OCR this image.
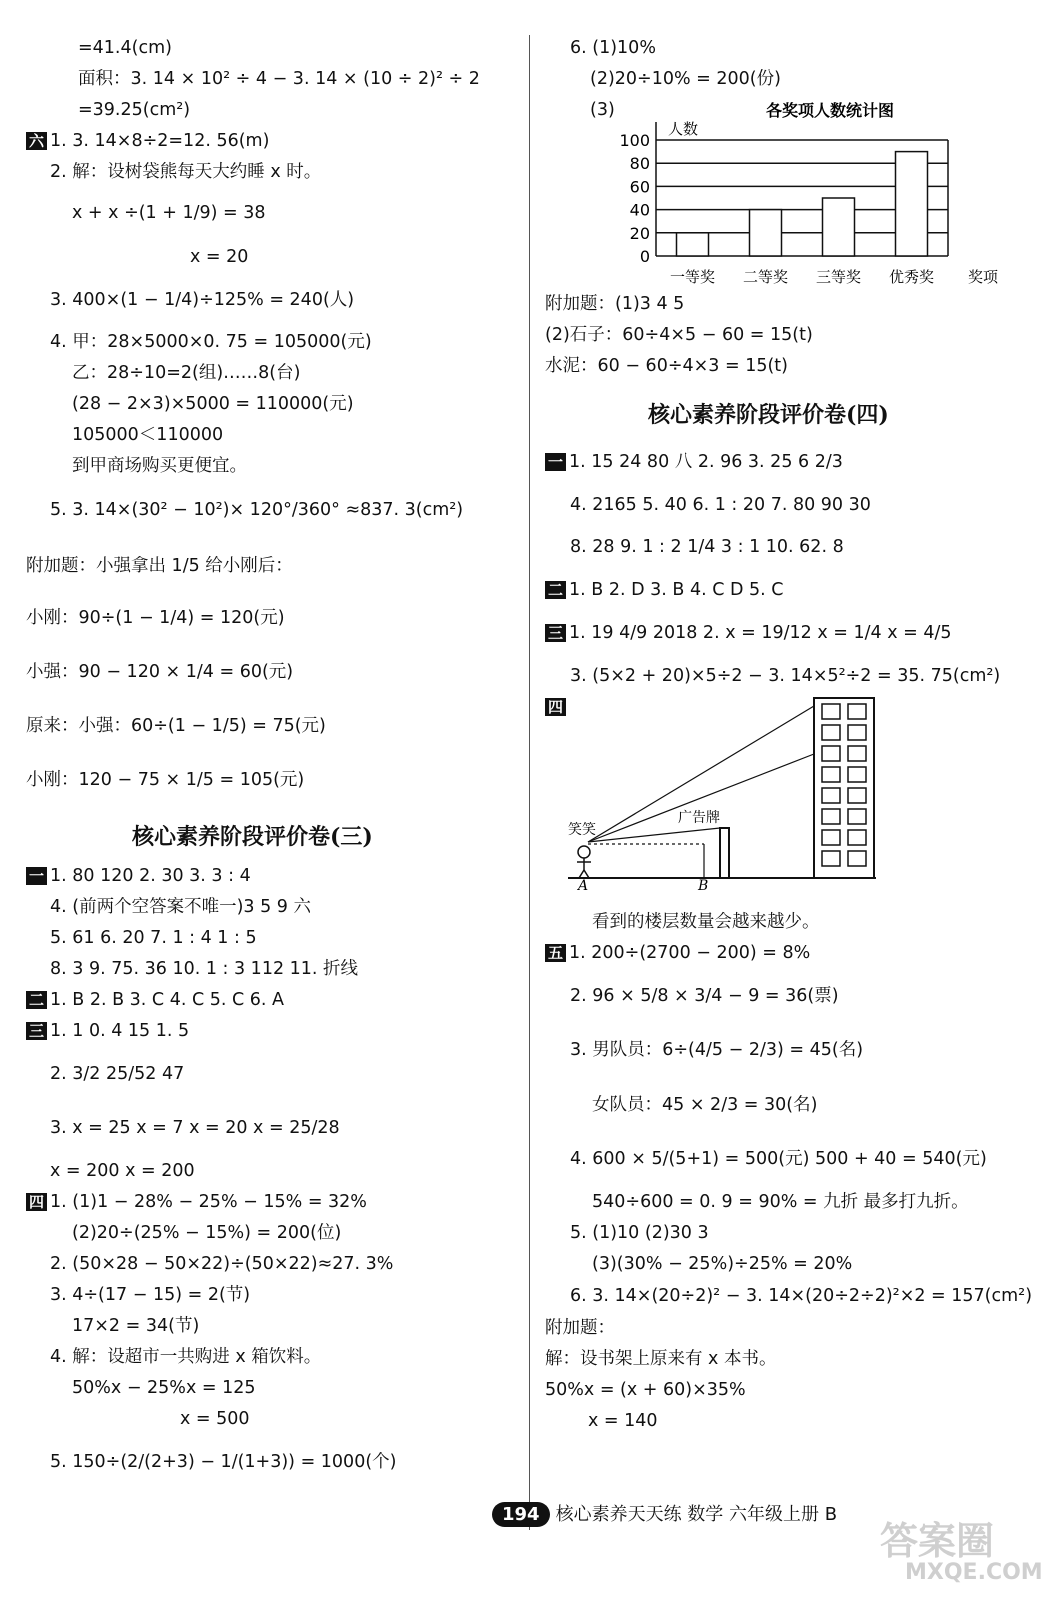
=41.4(cm)
面积：3. 14 × 10² ÷ 4 − 3. 14 × (10 ÷ 2)² ÷ 2
=39.25(cm²)
六 1. 3. 14×8÷2=12. 56(m)
2. 解：设树袋熊每天大约睡 x 时。
x + x ÷(1 + 1/9) = 38
x = 20
3. 400×(1 − 1/4)÷125% = 240(人)
4. 甲：28×5000×0. 75 = 105000(元)
乙：28÷10=2(组)……8(台)
(28 − 2×3)×5000 = 110000(元)
105000＜110000
到甲商场购买更便宜。
5. 3. 14×(30² − 10²)× 120°/360° ≈837. 3(cm²)
附加题：小强拿出 1/5 给小刚后：
小刚：90÷(1 − 1/4) = 120(元)
小强：90 − 120 × 1/4 = 60(元)
原来：小强：60÷(1 − 1/5) = 75(元)
小刚：120 − 75 × 1/5 = 105(元)
核心素养阶段评价卷(三)
一 1. 80 120 2. 30 3. 3 : 4
4. (前两个空答案不唯一)3 5 9 六
5. 61 6. 20 7. 1 : 4 1 : 5
8. 3 9. 75. 36 10. 1 : 3 112 11. 折线
二 1. B 2. B 3. C 4. C 5. C 6. A
三 1. 1 0. 4 15 1. 5
2. 3/2 25/52 47
3. x = 25 x = 7 x = 20 x = 25/28
x = 200 x = 200
四 1. (1)1 − 28% − 25% − 15% = 32%
(2)20÷(25% − 15%) = 200(位)
2. (50×28 − 50×22)÷(50×22)≈27. 3%
3. 4÷(17 − 15) = 2(节)
17×2 = 34(节)
4. 解：设超市一共购进 x 箱饮料。
50%x − 25%x = 125
x = 500
5. 150÷(2/(2+3) − 1/(1+3)) = 1000(个)
6. (1)10%
(2)20÷10% = 200(份)
(3)	各奖项人数统计图
人数
奖项
0
20
40
60
80
100
一等奖 二等奖 三等奖 优秀奖
附加题：(1)3 4 5
(2)石子：60÷4×5 − 60 = 15(t)
水泥：60 − 60÷4×3 = 15(t)
核心素养阶段评价卷(四)
一 1. 15 24 80 八 2. 96 3. 25 6 2/3
4. 2165 5. 40 6. 1 : 20 7. 80 90 30
8. 28 9. 1 : 2 1/4 3 : 1 10. 62. 8
二 1. B 2. D 3. B 4. C D 5. C
三 1. 19 4/9 2018 2. x = 19/12 x = 1/4 x = 4/5
3. (5×2 + 20)×5÷2 − 3. 14×5²÷2 = 35. 75(cm²)
四
笑笑
广告牌
A	B
看到的楼层数量会越来越少。
五 1. 200÷(2700 − 200) = 8%
2. 96 × 5/8 × 3/4 − 9 = 36(票)
3. 男队员：6÷(4/5 − 2/3) = 45(名)
女队员：45 × 2/3 = 30(名)
4. 600 × 5/(5+1) = 500(元) 500 + 40 = 540(元)
540÷600 = 0. 9 = 90% = 九折 最多打九折。
5. (1)10 (2)30 3
(3)(30% − 25%)÷25% = 20%
6. 3. 14×(20÷2)² − 3. 14×(20÷2÷2)²×2 = 157(cm²)
附加题：
解：设书架上原来有 x 本书。
50%x = (x + 60)×35%
x = 140
194 核心素养天天练 数学 六年级上册 B
答案圈
MXQE.COM
